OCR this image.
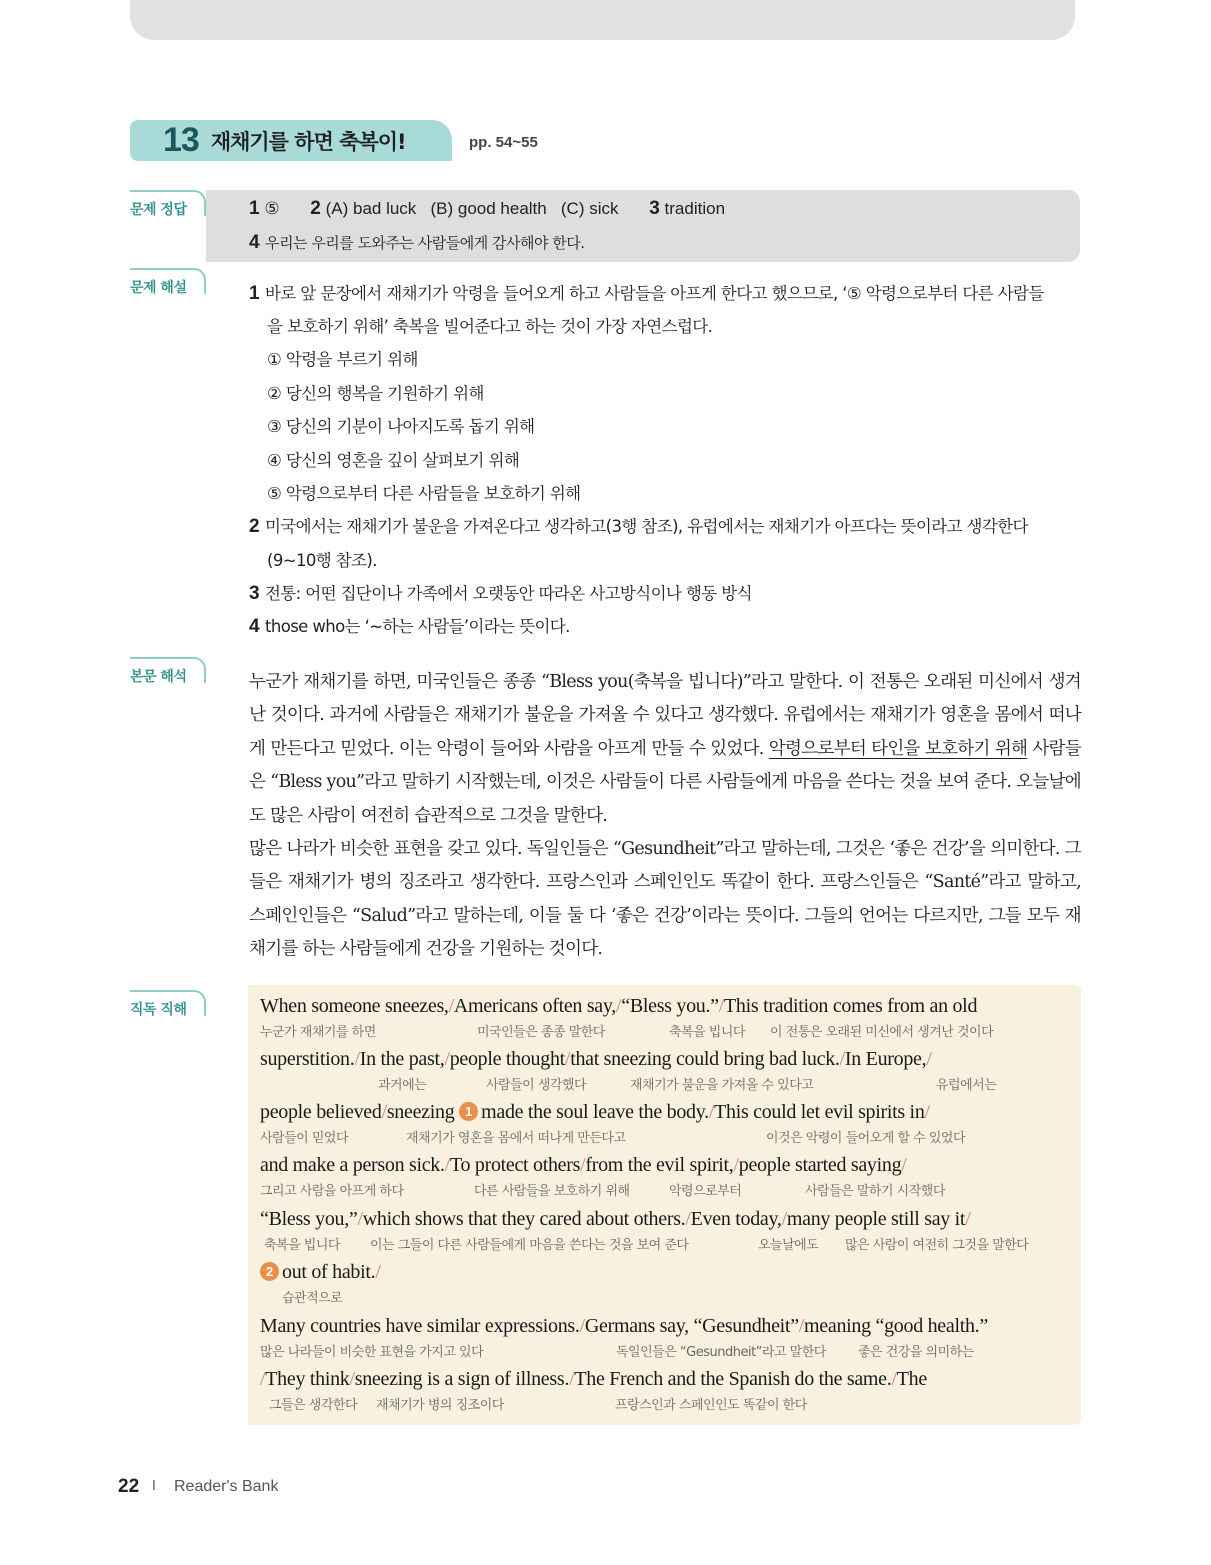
13 재채기를 하면 축복이!	pp. 54~55
문제 정답	1 ⑤ 2 (A) bad luck   (B) good health   (C) sick 3 tradition
4 우리는 우리를 도와주는 사람들에게 감사해야 한다.
문제 해설	1 바로 앞 문장에서 재채기가 악령을 들어오게 하고 사람들을 아프게 한다고 했으므로, ‘⑤ 악령으로부터 다른 사람들
을 보호하기 위해’ 축복을 빌어준다고 하는 것이 가장 자연스럽다.
① 악령을 부르기 위해
② 당신의 행복을 기원하기 위해
③ 당신의 기분이 나아지도록 돕기 위해
④ 당신의 영혼을 깊이 살펴보기 위해
⑤ 악령으로부터 다른 사람들을 보호하기 위해
2 미국에서는 재채기가 불운을 가져온다고 생각하고(3행 참조), 유럽에서는 재채기가 아프다는 뜻이라고 생각한다
(9~10행 참조).
3 전통: 어떤 집단이나 가족에서 오랫동안 따라온 사고방식이나 행동 방식
4 those who는 ‘~하는 사람들’이라는 뜻이다.
본문 해석	누군가 재채기를 하면, 미국인들은 종종 “Bless you(축복을 빕니다)”라고 말한다. 이 전통은 오래된 미신에서 생겨난 것이다. 과거에 사람들은 재채기가 불운을 가져올 수 있다고 생각했다. 유럽에서는 재채기가 영혼을 몸에서 떠나게 만든다고 믿었다. 이는 악령이 들어와 사람을 아프게 만들 수 있었다. 악령으로부터 타인을 보호하기 위해 사람들은 “Bless you”라고 말하기 시작했는데, 이것은 사람들이 다른 사람들에게 마음을 쓴다는 것을 보여 준다. 오늘날에도 많은 사람이 여전히 습관적으로 그것을 말한다.

많은 나라가 비슷한 표현을 갖고 있다. 독일인들은 “Gesundheit”라고 말하는데, 그것은 ‘좋은 건강’을 의미한다. 그들은 재채기가 병의 징조라고 생각한다. 프랑스인과 스페인인도 똑같이 한다. 프랑스인들은 “Santé”라고 말하고, 스페인인들은 “Salud”라고 말하는데, 이들 둘 다 ‘좋은 건강’이라는 뜻이다. 그들의 언어는 다르지만, 그들 모두 재채기를 하는 사람들에게 건강을 기원하는 것이다.

직독 직해	When someone sneezes,/Americans often say,/“Bless you.”/This tradition comes from an old
누군가 재채기를 하면	미국인들은 종종 말한다	축복을 빕니다 이 전통은 오래된 미신에서 생겨난 것이다
superstition./In the past,/people thought/that sneezing could bring bad luck./In Europe,/
과거에는	사람들이 생각했다	재채기가 불운을 가져올 수 있다고	유럽에서는
people believed/sneezing 1 made the soul leave the body./This could let evil spirits in/
사람들이 믿었다	재채기가 영혼을 몸에서 떠나게 만든다고	이것은 악령이 들어오게 할 수 있었다
and make a person sick./To protect others/from the evil spirit,/people started saying/
그리고 사람을 아프게 하다	다른 사람들을 보호하기 위해	악령으로부터	사람들은 말하기 시작했다
“Bless you,”/which shows that they cared about others./Even today,/many people still say it/
축복을 빕니다 이는 그들이 다른 사람들에게 마음을 쓴다는 것을 보여 준다	오늘날에도 많은 사람이 여전히 그것을 말한다
2 out of habit./
습관적으로
Many countries have similar expressions./Germans say, “Gesundheit”/meaning “good health.”
많은 나라들이 비슷한 표현을 가지고 있다	독일인들은 “Gesundheit”라고 말한다 좋은 건강을 의미하는
/They think/sneezing is a sign of illness./The French and the Spanish do the same./The
그들은 생각한다 재채기가 병의 징조이다	프랑스인과 스페인인도 똑같이 한다
22 I Reader's Bank
